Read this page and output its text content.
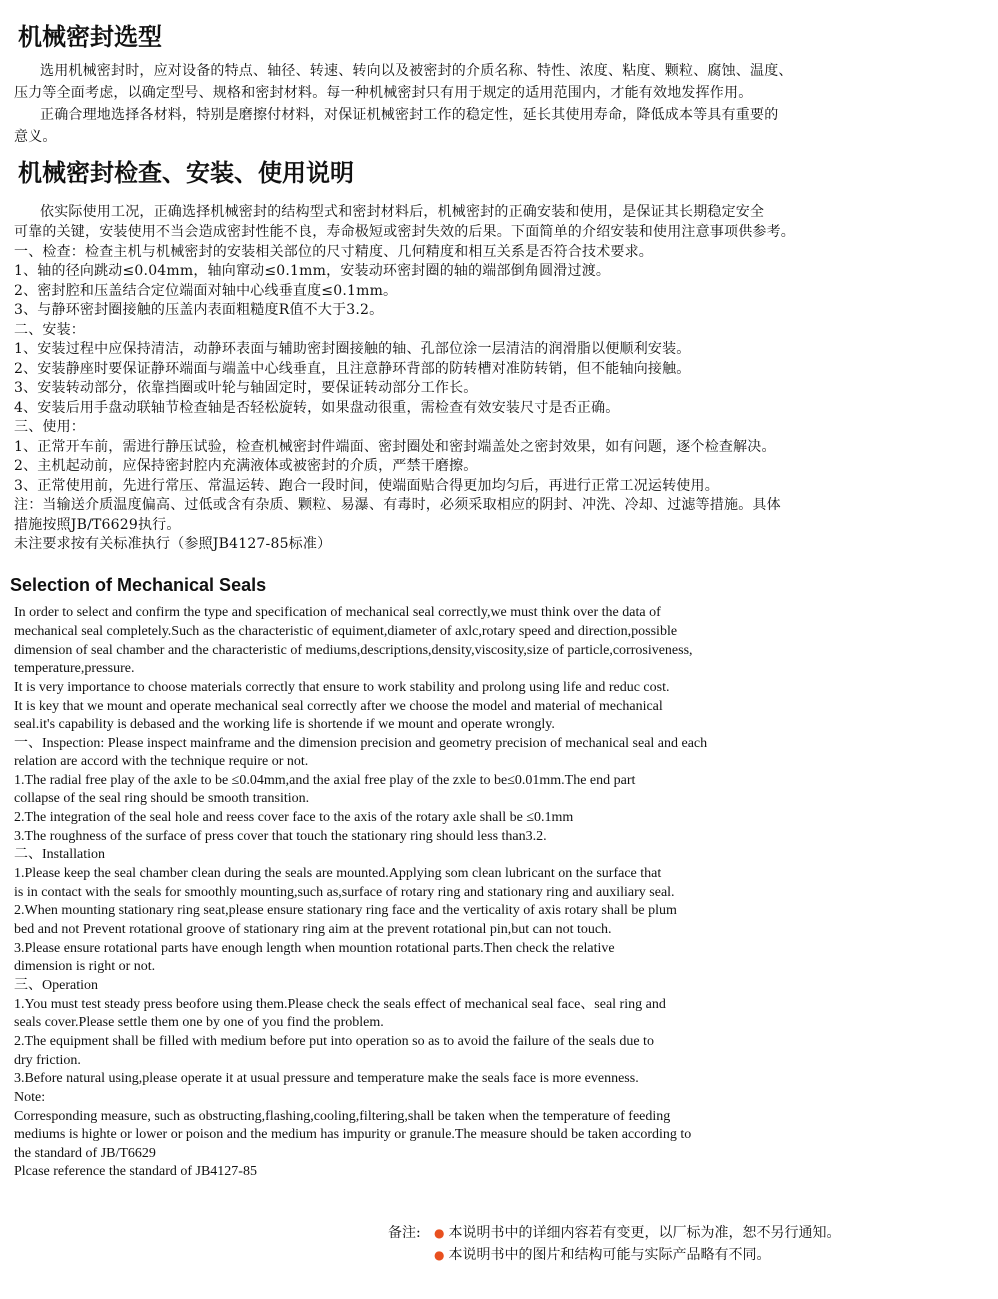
机械密封选型
选用机械密封时，应对设备的特点、轴径、转速、转向以及被密封的介质名称、特性、浓度、粘度、颗粒、腐蚀、温度、
压力等全面考虑，以确定型号、规格和密封材料。每一种机械密封只有用于规定的适用范围内，才能有效地发挥作用。
正确合理地选择各材料，特别是磨擦付材料，对保证机械密封工作的稳定性，延长其使用寿命，降低成本等具有重要的
意义。
机械密封检查、安装、使用说明
依实际使用工况，正确选择机械密封的结构型式和密封材料后，机械密封的正确安装和使用，是保证其长期稳定安全
可靠的关键，安装使用不当会造成密封性能不良，寿命极短或密封失效的后果。下面简单的介绍安装和使用注意事项供参考。
一、检查：检查主机与机械密封的安装相关部位的尺寸精度、几何精度和相互关系是否符合技术要求。
1、轴的径向跳动≤0.04mm，轴向窜动≤0.1mm，安装动环密封圈的轴的端部倒角圆滑过渡。
2、密封腔和压盖结合定位端面对轴中心线垂直度≤0.1mm。
3、与静环密封圈接触的压盖内表面粗糙度R值不大于3.2。
二、安装：
1、安装过程中应保持清洁，动静环表面与辅助密封圈接触的轴、孔部位涂一层清洁的润滑脂以便顺利安装。
2、安装静座时要保证静环端面与端盖中心线垂直，且注意静环背部的防转槽对准防转销，但不能轴向接触。
3、安装转动部分，依靠挡圈或叶轮与轴固定时，要保证转动部分工作长。
4、安装后用手盘动联轴节检查轴是否轻松旋转，如果盘动很重，需检查有效安装尺寸是否正确。
三、使用：
1、正常开车前，需进行静压试验，检查机械密封件端面、密封圈处和密封端盖处之密封效果，如有问题，逐个检查解决。
2、主机起动前，应保持密封腔内充满液体或被密封的介质，严禁干磨擦。
3、正常使用前，先进行常压、常温运转、跑合一段时间，使端面贴合得更加均匀后，再进行正常工况运转使用。
注：当输送介质温度偏高、过低或含有杂质、颗粒、易瀑、有毒时，必须采取相应的阴封、冲洗、冷却、过滤等措施。具体
措施按照JB/T6629执行。
未注要求按有关标准执行（参照JB4127-85标准）
Selection of Mechanical Seals
In order to select and confirm the type and specification of mechanical seal correctly,we must think over the data of
mechanical seal completely.Such as the characteristic of equiment,diameter of axlc,rotary speed and direction,possible
dimension of seal chamber and the characteristic of mediums,descriptions,density,viscosity,size of particle,corrosiveness,
temperature,pressure.
It is very importance to choose materials correctly that ensure to work stability and prolong using life and reduc cost.
It is key that we mount and operate mechanical seal correctly after we choose the model and material of mechanical
seal.it's capability is debased and the working life is shortende if we mount and operate wrongly.
一、Inspection: Please inspect mainframe and the dimension precision and geometry precision of mechanical seal and each
relation are accord with the technique require or not.
1.The radial free play of the axle to be ≤0.04mm,and the axial free play of the zxle to be≤0.01mm.The end part
collapse of the seal ring should be smooth transition.
2.The integration of the seal hole and reess cover face to the axis of the rotary axle shall be ≤0.1mm
3.The roughness of the surface of press cover that touch the stationary ring should less than3.2.
二、Installation
1.Please keep the seal chamber clean during the seals are mounted.Applying som clean lubricant on the surface that
is in contact with the seals for smoothly mounting,such as,surface of rotary ring and stationary ring and auxiliary seal.
2.When mounting stationary ring seat,please ensure stationary ring face and the verticality of axis rotary shall be plum
bed and not Prevent rotational groove of stationary ring aim at the prevent rotational pin,but can not touch.
3.Please ensure rotational parts have enough length when mountion rotational parts.Then check the relative
dimension is right or not.
三、Operation
1.You must test steady press beofore using them.Please check the seals effect of mechanical seal face、seal ring and
seals cover.Please settle them one by one of you find the problem.
2.The equipment shall be filled with medium before put into operation so as to avoid the failure of the seals due to
dry friction.
3.Before natural using,please operate it at usual pressure and temperature make the seals face is more evenness.
Note:
Corresponding measure, such as obstructing,flashing,cooling,filtering,shall be taken when the temperature of feeding
mediums is highte or lower or poison and the medium has impurity or granule.The measure should be taken according to
the standard of JB/T6629
Plcase reference the standard of JB4127-85
备注:	● 本说明书中的详细内容若有变更，以厂标为准，恕不另行通知。
● 本说明书中的图片和结构可能与实际产品略有不同。
